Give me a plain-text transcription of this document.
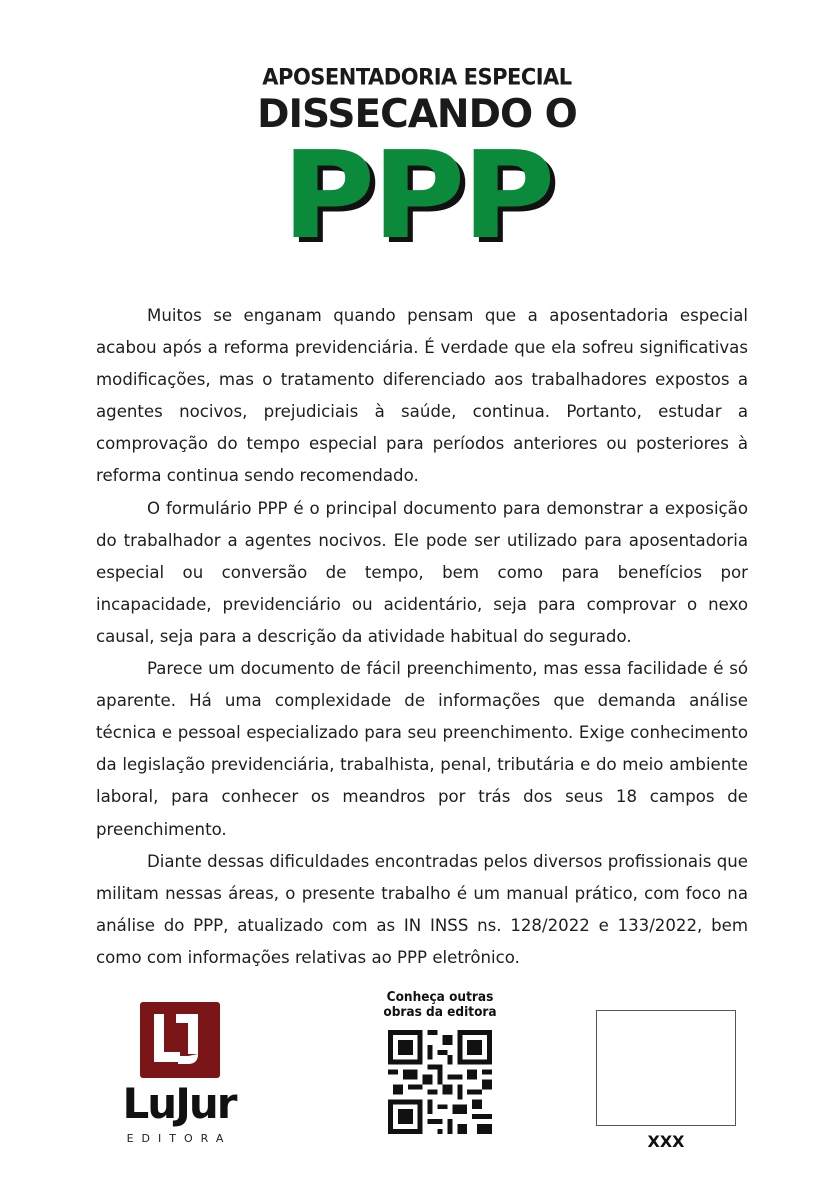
APOSENTADORIA ESPECIAL
DISSECANDO O
PPP

Muitos se enganam quando pensam que a aposentadoria especial acabou após a reforma previdenciária. É verdade que ela sofreu significativas modificações, mas o tratamento diferenciado aos trabalhadores expostos a agentes nocivos, prejudiciais à saúde, continua. Portanto, estudar a comprovação do tempo especial para períodos anteriores ou posteriores à reforma continua sendo recomendado.

O formulário PPP é o principal documento para demonstrar a exposição do trabalhador a agentes nocivos. Ele pode ser utilizado para aposentadoria especial ou conversão de tempo, bem como para benefícios por incapacidade, previdenciário ou acidentário, seja para comprovar o nexo causal, seja para a descrição da atividade habitual do segurado.

Parece um documento de fácil preenchimento, mas essa facilidade é só aparente. Há uma complexidade de informações que demanda análise técnica e pessoal especializado para seu preenchimento. Exige conhecimento da legislação previdenciária, trabalhista, penal, tributária e do meio ambiente laboral, para conhecer os meandros por trás dos seus 18 campos de preenchimento.

Diante dessas dificuldades encontradas pelos diversos profissionais que militam nessas áreas, o presente trabalho é um manual prático, com foco na análise do PPP, atualizado com as IN INSS ns. 128/2022 e 133/2022, bem como com informações relativas ao PPP eletrônico.

LuJur
EDITORA
Conheça outras
obras da editora
XXX
